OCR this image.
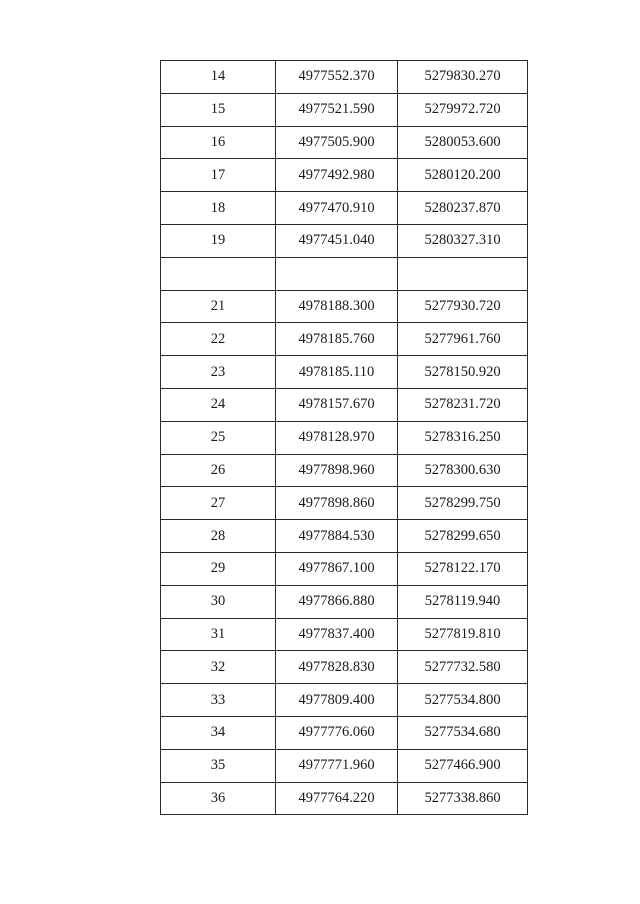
14	4977552.370	5279830.270
15	4977521.590	5279972.720
16	4977505.900	5280053.600
17	4977492.980	5280120.200
18	4977470.910	5280237.870
19	4977451.040	5280327.310

21	4978188.300	5277930.720
22	4978185.760	5277961.760
23	4978185.110	5278150.920
24	4978157.670	5278231.720
25	4978128.970	5278316.250
26	4977898.960	5278300.630
27	4977898.860	5278299.750
28	4977884.530	5278299.650
29	4977867.100	5278122.170
30	4977866.880	5278119.940
31	4977837.400	5277819.810
32	4977828.830	5277732.580
33	4977809.400	5277534.800
34	4977776.060	5277534.680
35	4977771.960	5277466.900
36	4977764.220	5277338.860
